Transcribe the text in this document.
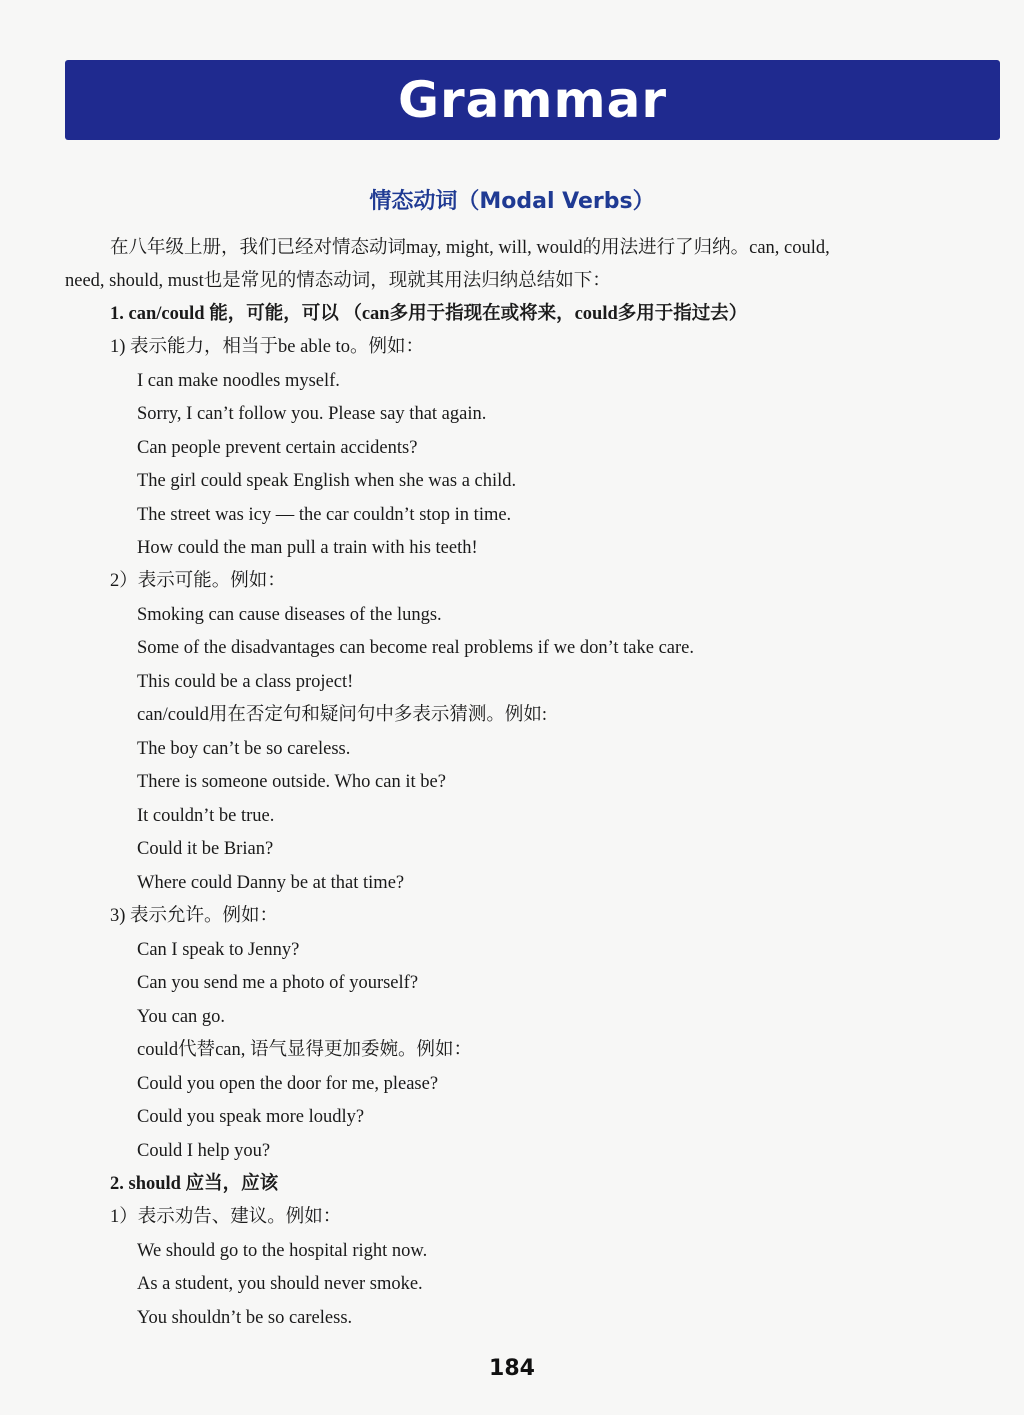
Grammar
情态动词（Modal Verbs）
在八年级上册，我们已经对情态动词may, might, will, would的用法进行了归纳。can, could,
need, should, must也是常见的情态动词，现就其用法归纳总结如下：
1. can/could 能，可能，可以 （can多用于指现在或将来，could多用于指过去）
1) 表示能力，相当于be able to。例如：
I can make noodles myself.
Sorry, I can’t follow you. Please say that again.
Can people prevent certain accidents?
The girl could speak English when she was a child.
The street was icy — the car couldn’t stop in time.
How could the man pull a train with his teeth!
2）表示可能。例如：
Smoking can cause diseases of the lungs.
Some of the disadvantages can become real problems if we don’t take care.
This could be a class project!
can/could用在否定句和疑问句中多表示猜测。例如:
The boy can’t be so careless.
There is someone outside. Who can it be?
It couldn’t be true.
Could it be Brian?
Where could Danny be at that time?
3) 表示允许。例如：
Can I speak to Jenny?
Can you send me a photo of yourself?
You can go.
could代替can, 语气显得更加委婉。例如：
Could you open the door for me, please?
Could you speak more loudly?
Could I help you?
2. should 应当，应该
1）表示劝告、建议。例如：
We should go to the hospital right now.
As a student, you should never smoke.
You shouldn’t be so careless.
184
